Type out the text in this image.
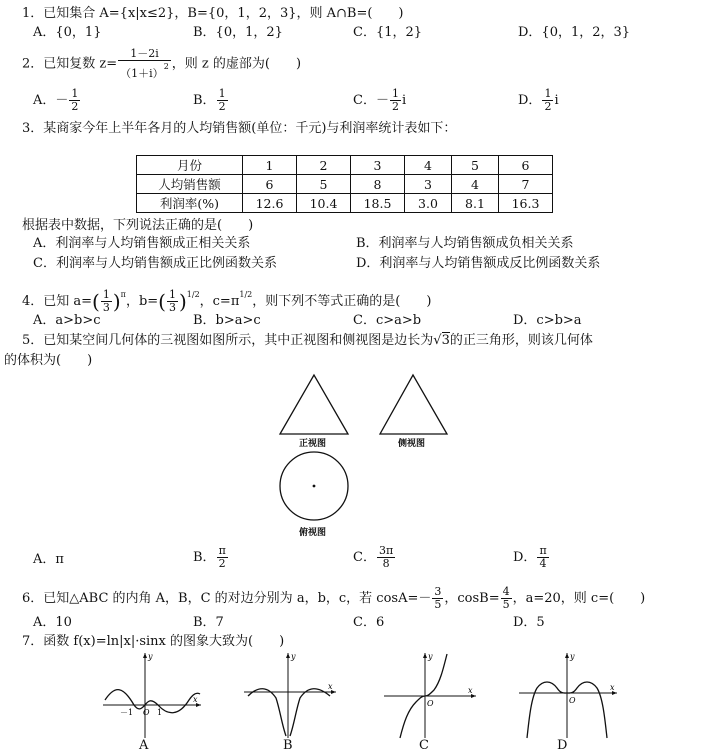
1．已知集合 A={x|x≤2}，B={0，1，2，3}，则 A∩B=(　　)
A．{0，1}	B．{0，1，2}	C．{1，2}	D．{0，1，2，3}
2．已知复数 $z= \frac{1-2i}{(1+i)^2}$ ，则 z 的虚部为(　　)
A．－ $\frac{1}{2}$	B． $\frac{1}{2}$	C．－ $\frac{1}{2}$ i	D． $\frac{1}{2}$ i
3．某商家今年上半年各月的人均销售额(单位：千元)与利润率统计表如下：
月份	1	2	3	4	5	6
人均销售额	6	5	8	3	4	7
利润率(%)	12.6	10.4	18.5	3.0	8.1	16.3
根据表中数据，下列说法正确的是(　　)
A．利润率与人均销售额成正相关关系	B．利润率与人均销售额成负相关关系
C．利润率与人均销售额成正比例函数关系	D．利润率与人均销售额成反比例函数关系
4．已知 $a=( \frac{1}{3} )^\pi$，$b=( \frac{1}{3} )^{1/2}$，$c=\pi^{1/2}$，则下列不等式正确的是(　　)
A．a>b>c	B．b>a>c	C．c>a>b	D．c>b>a
5．已知某空间几何体的三视图如图所示，其中正视图和侧视图是边长为√3的正三角形，则该几何体
的体积为(　　)
正视图	侧视图
俯视图
A．π	B． $\frac{\pi}{2}$	C． $\frac{3\pi}{8}$	D． $\frac{\pi}{4}$
6．已知△ABC 的内角 A，B，C 的对边分别为 a，b，c，若 $\cos A=- \frac{3}{5}$ ，$\cos B= \frac{4}{5}$ ，a=20，则 c=(　　)
A．10	B．7	C．6	D．5
7．函数 f(x)=ln|x|·sinx 的图象大致为(　　)
x
y
－1	1
O
A
x
y
B
x
y
O
C
x
y
O
D
